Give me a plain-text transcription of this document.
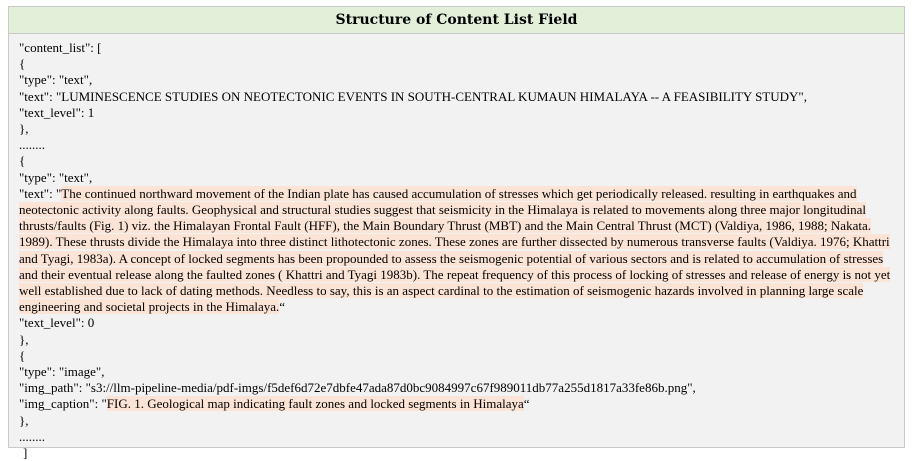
Structure of Content List Field
"content_list": [
{
"type": "text",
"text": "LUMINESCENCE STUDIES ON NEOTECTONIC EVENTS IN SOUTH-CENTRAL KUMAUN HIMALAYA -- A FEASIBILITY STUDY",
"text_level": 1
},
........
{
"type": "text",
"text": "The continued northward movement of the Indian plate has caused accumulation of stresses which get periodically released. resulting in earthquakes and neotectonic activity along faults. Geophysical and structural studies suggest that seismicity in the Himalaya is related to movements along three major longitudinal thrusts/faults (Fig. 1) viz. the Himalayan Frontal Fault (HFF), the Main Boundary Thrust (MBT) and the Main Central Thrust (MCT) (Valdiya, 1986, 1988; Nakata. 1989). These thrusts divide the Himalaya into three distinct lithotectonic zones. These zones are further dissected by numerous transverse faults (Valdiya. 1976; Khattri and Tyagi, 1983a). A concept of locked segments has been propounded to assess the seismogenic potential of various sectors and is related to accumulation of stresses and their eventual release along the faulted zones ( Khattri and Tyagi 1983b). The repeat frequency of this process of locking of stresses and release of energy is not yet well established due to lack of dating methods. Needless to say, this is an aspect cardinal to the estimation of seismogenic hazards involved in planning large scale engineering and societal projects in the Himalaya.“
"text_level": 0
},
{
"type": "image",
"img_path": "s3://llm-pipeline-media/pdf-imgs/f5def6d72e7dbfe47ada87d0bc9084997c67f989011db77a255d1817a33fe86b.png",
"img_caption": "FIG. 1. Geological map indicating fault zones and locked segments in Himalaya“
},
........
]
